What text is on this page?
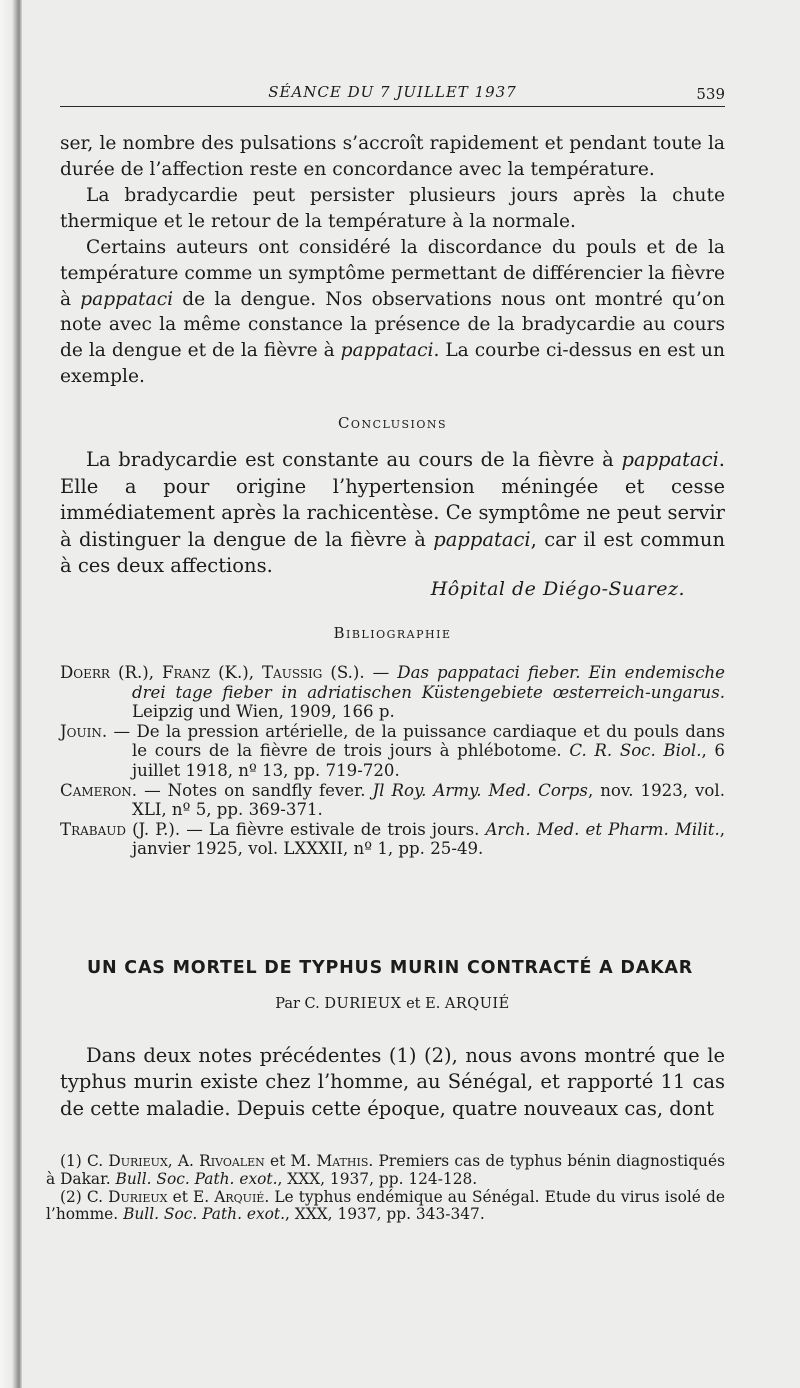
SÉANCE DU 7 JUILLET 1937	539
ser, le nombre des pulsations s’accroît rapidement et pendant toute la durée de l’affection reste en concordance avec la température.
La bradycardie peut persister plusieurs jours après la chute thermique et le retour de la température à la normale.
Certains auteurs ont considéré la discordance du pouls et de la température comme un symptôme permettant de différencier la fièvre à pappataci de la dengue. Nos observations nous ont montré qu’on note avec la même constance la présence de la bradycardie au cours de la dengue et de la fièvre à pappataci. La courbe ci-dessus en est un exemple.
Conclusions
La bradycardie est constante au cours de la fièvre à pappataci. Elle a pour origine l’hypertension méningée et cesse immédiatement après la rachicentèse. Ce symptôme ne peut servir à distinguer la dengue de la fièvre à pappataci, car il est commun à ces deux affections.
Hôpital de Diégo-Suarez.
Bibliographie
Doerr (R.), Franz (K.), Taussig (S.). — Das pappataci fieber. Ein endemische drei tage fieber in adriatischen Küstengebiete œsterreich-ungarus. Leipzig und Wien, 1909, 166 p.
Jouin. — De la pression artérielle, de la puissance cardiaque et du pouls dans le cours de la fièvre de trois jours à phlébotome. C. R. Soc. Biol., 6 juillet 1918, nº 13, pp. 719-720.
Cameron. — Notes on sandfly fever. Jl Roy. Army. Med. Corps, nov. 1923, vol. XLI, nº 5, pp. 369-371.
Trabaud (J. P.). — La fièvre estivale de trois jours. Arch. Med. et Pharm. Milit., janvier 1925, vol. LXXXII, nº 1, pp. 25-49.
UN CAS MORTEL DE TYPHUS MURIN CONTRACTÉ A DAKAR
Par C. DURIEUX et E. ARQUIÉ
Dans deux notes précédentes (1) (2), nous avons montré que le typhus murin existe chez l’homme, au Sénégal, et rapporté 11 cas de cette maladie. Depuis cette époque, quatre nouveaux cas, dont
(1) C. Durieux, A. Rivoalen et M. Mathis. Premiers cas de typhus bénin diagnostiqués à Dakar. Bull. Soc. Path. exot., XXX, 1937, pp. 124-128.
(2) C. Durieux et E. Arquié. Le typhus endémique au Sénégal. Etude du virus isolé de l’homme. Bull. Soc. Path. exot., XXX, 1937, pp. 343-347.
